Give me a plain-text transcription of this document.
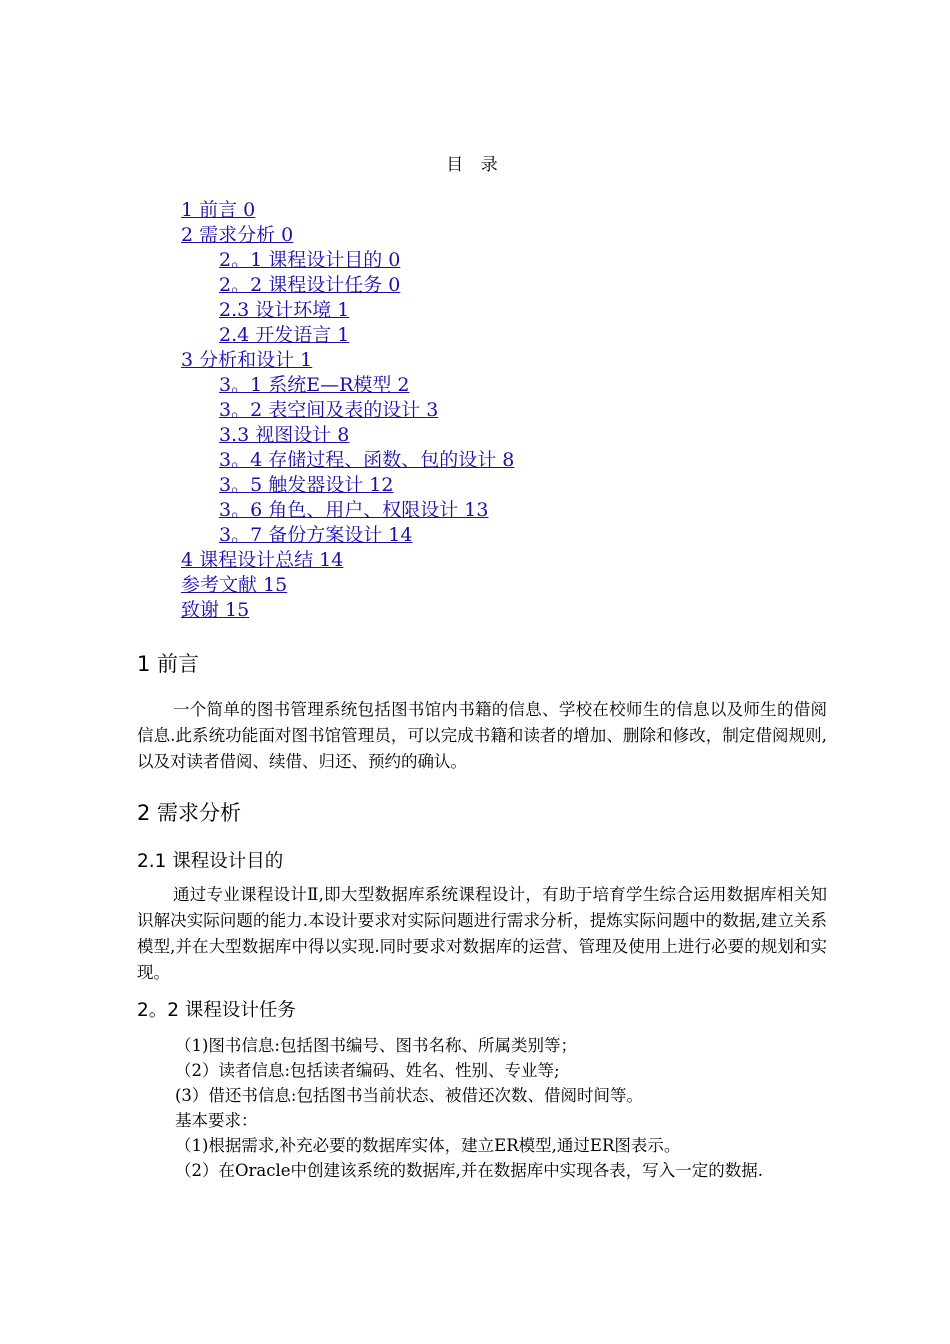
目 录
1 前言 0
2 需求分析 0
2。1 课程设计目的 0
2。2 课程设计任务 0
2.3 设计环境 1
2.4 开发语言 1
3 分析和设计 1
3。1 系统E—R模型 2
3。2 表空间及表的设计 3
3.3 视图设计 8
3。4 存储过程、函数、包的设计 8
3。5 触发器设计 12
3。6 角色、用户、权限设计 13
3。7 备份方案设计 14
4 课程设计总结 14
参考文献 15
致谢 15
1 前言
一个简单的图书管理系统包括图书馆内书籍的信息、学校在校师生的信息以及师生的借阅信息.此系统功能面对图书馆管理员，可以完成书籍和读者的增加、删除和修改，制定借阅规则,以及对读者借阅、续借、归还、预约的确认。
2 需求分析
2.1 课程设计目的
通过专业课程设计Ⅱ,即大型数据库系统课程设计，有助于培育学生综合运用数据库相关知识解决实际问题的能力.本设计要求对实际问题进行需求分析，提炼实际问题中的数据,建立关系模型,并在大型数据库中得以实现.同时要求对数据库的运营、管理及使用上进行必要的规划和实现。
2。2 课程设计任务
（1)图书信息:包括图书编号、图书名称、所属类别等；
（2）读者信息:包括读者编码、姓名、性别、专业等;
(3）借还书信息:包括图书当前状态、被借还次数、借阅时间等。
基本要求：
（1)根据需求,补充必要的数据库实体，建立ER模型,通过ER图表示。
（2）在Oracle中创建该系统的数据库,并在数据库中实现各表，写入一定的数据.
